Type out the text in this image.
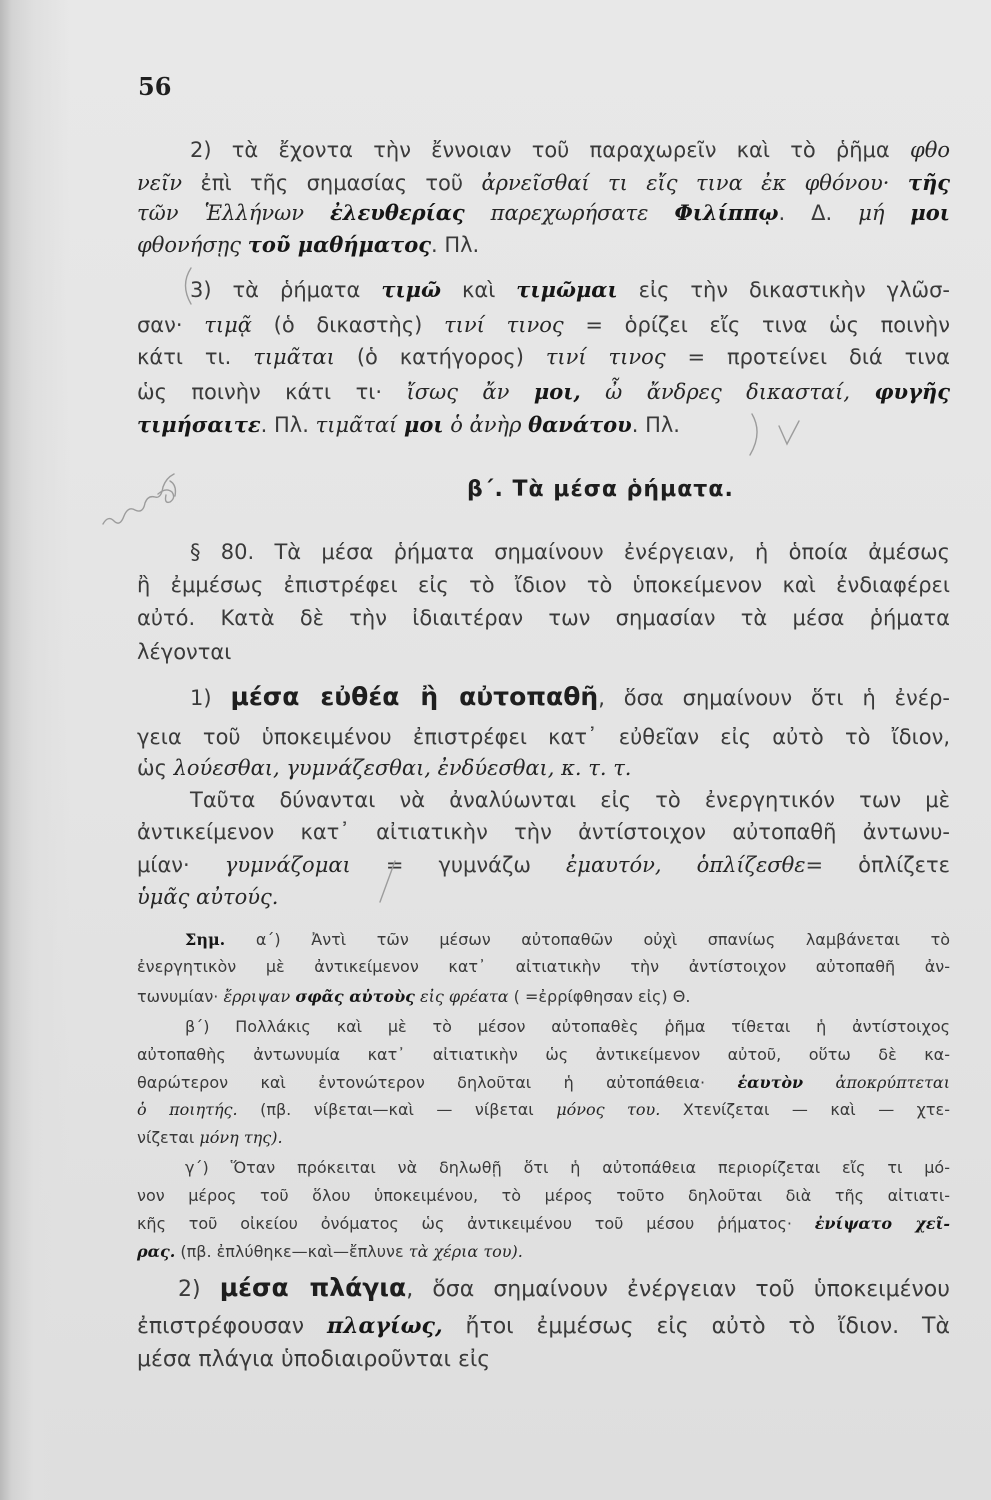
56
2) τὰ ἔχοντα τὴν ἔννοιαν τοῦ παραχωρεῖν καὶ τὸ ῥῆμα φθο
νεῖν ἐπὶ τῆς σημασίας τοῦ ἀρνεῖσθαί τι εἴς τινα ἐκ φθόνου· τῆς
τῶν Ἑλλήνων ἐλευθερίας παρεχωρήσατε Φιλίππῳ. Δ. μή μοι
φθονήσῃς τοῦ μαθήματος. Πλ.
3) τὰ ῥήματα τιμῶ καὶ τιμῶμαι εἰς τὴν δικαστικὴν γλῶσ-
σαν· τιμᾷ (ὁ δικαστὴς) τινί τινος = ὁρίζει εἴς τινα ὡς ποινὴν
κάτι τι. τιμᾶται (ὁ κατήγορος) τινί τινος = προτείνει διά τινα
ὡς ποινὴν κάτι τι· ἴσως ἄν μοι, ὦ ἄνδρες δικασταί, φυγῆς
τιμήσαιτε. Πλ. τιμᾶταί μοι ὁ ἀνὴρ θανάτου. Πλ.
β΄. Τὰ μέσα ῥήματα.
§ 80. Τὰ μέσα ῥήματα σημαίνουν ἐνέργειαν, ἡ ὁποία ἀμέσως
ἢ ἐμμέσως ἐπιστρέφει εἰς τὸ ἴδιον τὸ ὑποκείμενον καὶ ἐνδιαφέρει
αὐτό. Κατὰ δὲ τὴν ἰδιαιτέραν των σημασίαν τὰ μέσα ῥήματα
λέγονται
1) μέσα εὐθέα ἢ αὐτοπαθῆ, ὅσα σημαίνουν ὅτι ἡ ἐνέρ-
γεια τοῦ ὑποκειμένου ἐπιστρέφει κατ᾽ εὐθεῖαν εἰς αὐτὸ τὸ ἴδιον,
ὡς λούεσθαι, γυμνάζεσθαι, ἐνδύεσθαι, κ. τ. τ.
Ταῦτα δύνανται νὰ ἀναλύωνται εἰς τὸ ἐνεργητικόν των μὲ
ἀντικείμενον κατ᾽ αἰτιατικὴν τὴν ἀντίστοιχον αὐτοπαθῆ ἀντωνυ-
μίαν· γυμνάζομαι = γυμνάζω ἐμαυτόν, ὁπλίζεσθε= ὁπλίζετε
ὑμᾶς αὐτούς.
Σημ. α΄) Ἀντὶ τῶν μέσων αὐτοπαθῶν οὐχὶ σπανίως λαμβάνεται τὸ
ἐνεργητικὸν μὲ ἀντικείμενον κατ᾽ αἰτιατικὴν τὴν ἀντίστοιχον αὐτοπαθῆ ἀν-
τωνυμίαν· ἔρριψαν σφᾶς αὐτοὺς εἰς φρέατα ( =ἐρρίφθησαν εἰς) Θ.
β΄) Πολλάκις καὶ μὲ τὸ μέσον αὐτοπαθὲς ῥῆμα τίθεται ἡ ἀντίστοιχος
αὐτοπαθὴς ἀντωνυμία κατ᾽ αἰτιατικὴν ὡς ἀντικείμενον αὐτοῦ, οὕτω δὲ κα-
θαρώτερον καὶ ἐντονώτερον δηλοῦται ἡ αὐτοπάθεια· ἑαυτὸν ἀποκρύπτεται
ὁ ποιητής. (πβ. νίβεται—καὶ — νίβεται μόνος του. Χτενίζεται — καὶ — χτε-
νίζεται μόνη της).
γ΄) Ὅταν πρόκειται νὰ δηλωθῇ ὅτι ἡ αὐτοπάθεια περιορίζεται εἴς τι μό-
νον μέρος τοῦ ὅλου ὑποκειμένου, τὸ μέρος τοῦτο δηλοῦται διὰ τῆς αἰτιατι-
κῆς τοῦ οἰκείου ὀνόματος ὡς ἀντικειμένου τοῦ μέσου ῥήματος· ἐνίψατο χεῖ-
ρας. (πβ. ἐπλύθηκε—καὶ—ἔπλυνε τὰ χέρια του).
2) μέσα πλάγια, ὅσα σημαίνουν ἐνέργειαν τοῦ ὑποκειμένου
ἐπιστρέφουσαν πλαγίως, ἤτοι ἐμμέσως εἰς αὐτὸ τὸ ἴδιον. Τὰ
μέσα πλάγια ὑποδιαιροῦνται εἰς
